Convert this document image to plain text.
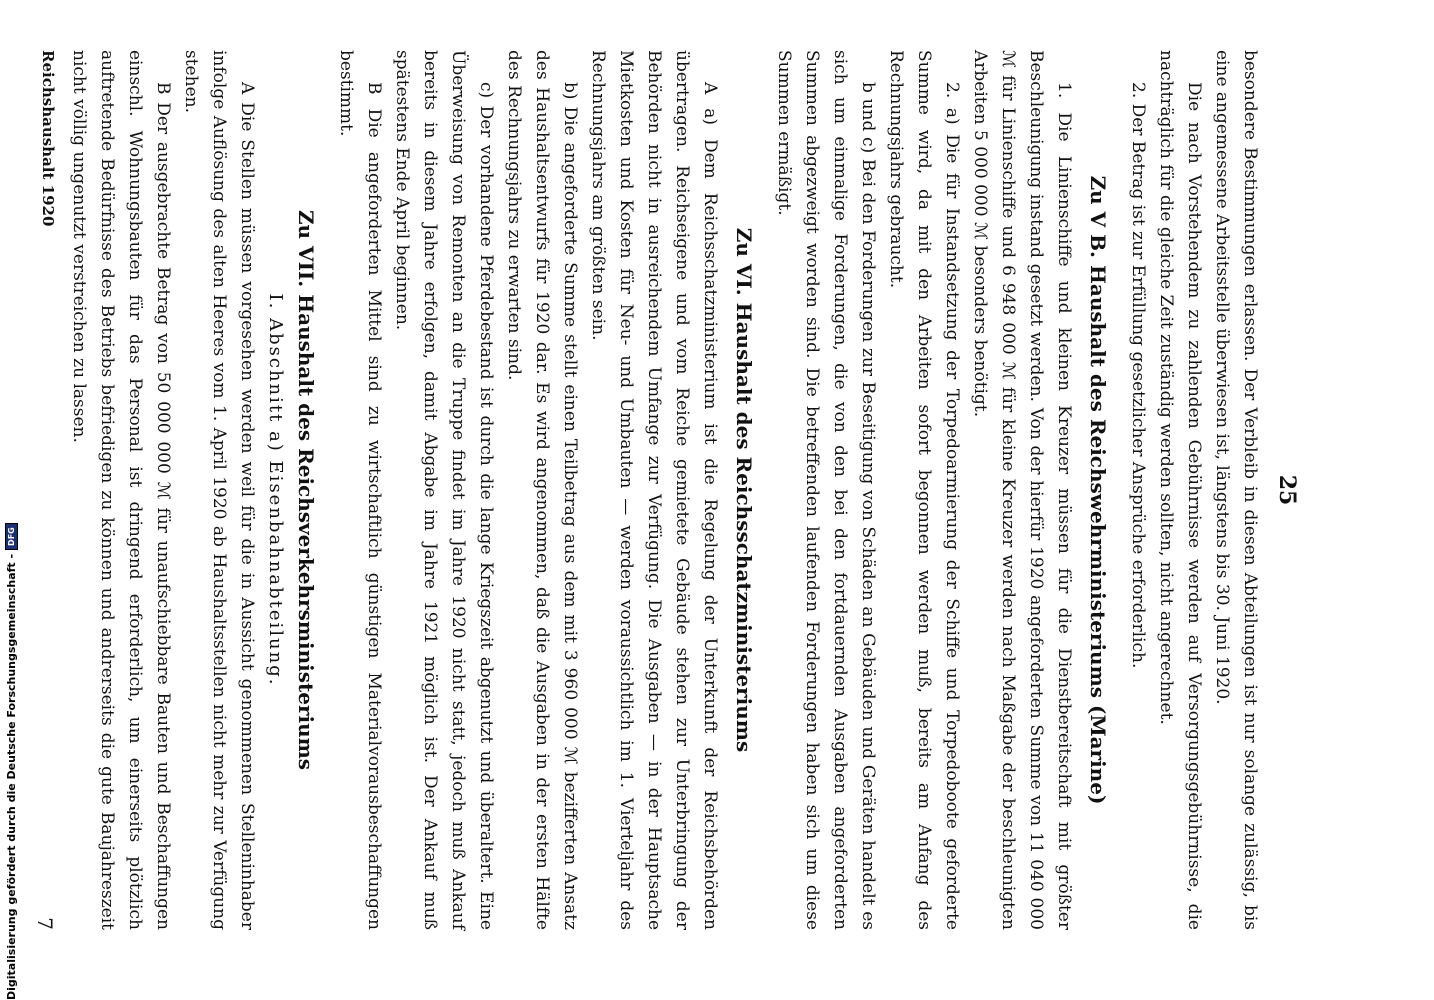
25

besondere Bestimmungen erlassen. Der Verbleib in diesen Abteilungen ist nur solange zulässig, bis eine angemessene Arbeitsstelle überwiesen ist, längstens bis 30. Juni 1920.

Die nach Vorstehendem zu zahlenden Gebührnisse werden auf Versorgungsgebührnisse, die nachträglich für die gleiche Zeit zuständig werden sollten, nicht angerechnet.

2. Der Betrag ist zur Erfüllung gesetzlicher Ansprüche erforderlich.

Zu V B. Haushalt des Reichswehrministeriums (Marine)

1. Die Linienschiffe und kleinen Kreuzer müssen für die Dienstbereitschaft mit größter Beschleunigung instand gesetzt werden. Von der hierfür 1920 angeforderten Summe von 11 040 000 ℳ für Linienschiffe und 6 948 000 ℳ für kleine Kreuzer werden nach Maßgabe der beschleunigten Arbeiten 5 000 000 ℳ besonders benötigt.

2. a) Die für Instandsetzung der Torpedoarmierung der Schiffe und Torpedoboote geforderte Summe wird, da mit den Arbeiten sofort begonnen werden muß, bereits am Anfang des Rechnungsjahrs gebraucht.

b und c) Bei den Forderungen zur Beseitigung von Schäden an Gebäuden und Geräten handelt es sich um einmalige Forderungen, die von den bei den fortdauernden Ausgaben angeforderten Summen abgezweigt worden sind. Die betreffenden laufenden Forderungen haben sich um diese Summen ermäßigt.

Zu VI. Haushalt des Reichsschatzministeriums

A a) Dem Reichsschatzministerium ist die Regelung der Unterkunft der Reichsbehörden übertragen. Reichseigene und vom Reiche gemietete Gebäude stehen zur Unterbringung der Behörden nicht in ausreichendem Umfange zur Verfügung. Die Ausgaben — in der Hauptsache Mietkosten und Kosten für Neu- und Umbauten — werden voraussichtlich im 1. Vierteljahr des Rechnungsjahrs am größten sein.

b) Die angeforderte Summe stellt einen Teilbetrag aus dem mit 3 960 000 ℳ bezifferten Ansatz des Haushaltsentwurfs für 1920 dar. Es wird angenommen, daß die Ausgaben in der ersten Hälfte des Rechnungsjahrs zu erwarten sind.

c) Der vorhandene Pferdebestand ist durch die lange Kriegszeit abgenutzt und überaltert. Eine Überweisung von Remonten an die Truppe findet im Jahre 1920 nicht statt, jedoch muß Ankauf bereits in diesem Jahre erfolgen, damit Abgabe im Jahre 1921 möglich ist. Der Ankauf muß spätestens Ende April beginnen.

B Die angeforderten Mittel sind zu wirtschaftlich günstigen Materialvorausbeschaffungen bestimmt.

Zu VII. Haushalt des Reichsverkehrsministeriums
I. Abschnitt a) Eisenbahnabteilung.

A Die Stellen müssen vorgesehen werden weil für die in Aussicht genommenen Stelleninhaber infolge Auflösung des alten Heeres vom 1. April 1920 ab Haushaltsstellen nicht mehr zur Verfügung stehen.

B Der ausgebrachte Betrag von 50 000 000 ℳ für unaufschiebbare Bauten und Beschaffungen einschl. Wohnungsbauten für das Personal ist dringend erforderlich, um einerseits plötzlich auftretende Bedürfnisse des Betriebs befriedigen zu können und andrerseits die gute Baujahreszeit nicht völlig ungenutzt verstreichen zu lassen.

Reichshaushalt 1920
7
Digitalisierung gefördert durch die Deutsche Forschungsgemeinschaft -
DFG
